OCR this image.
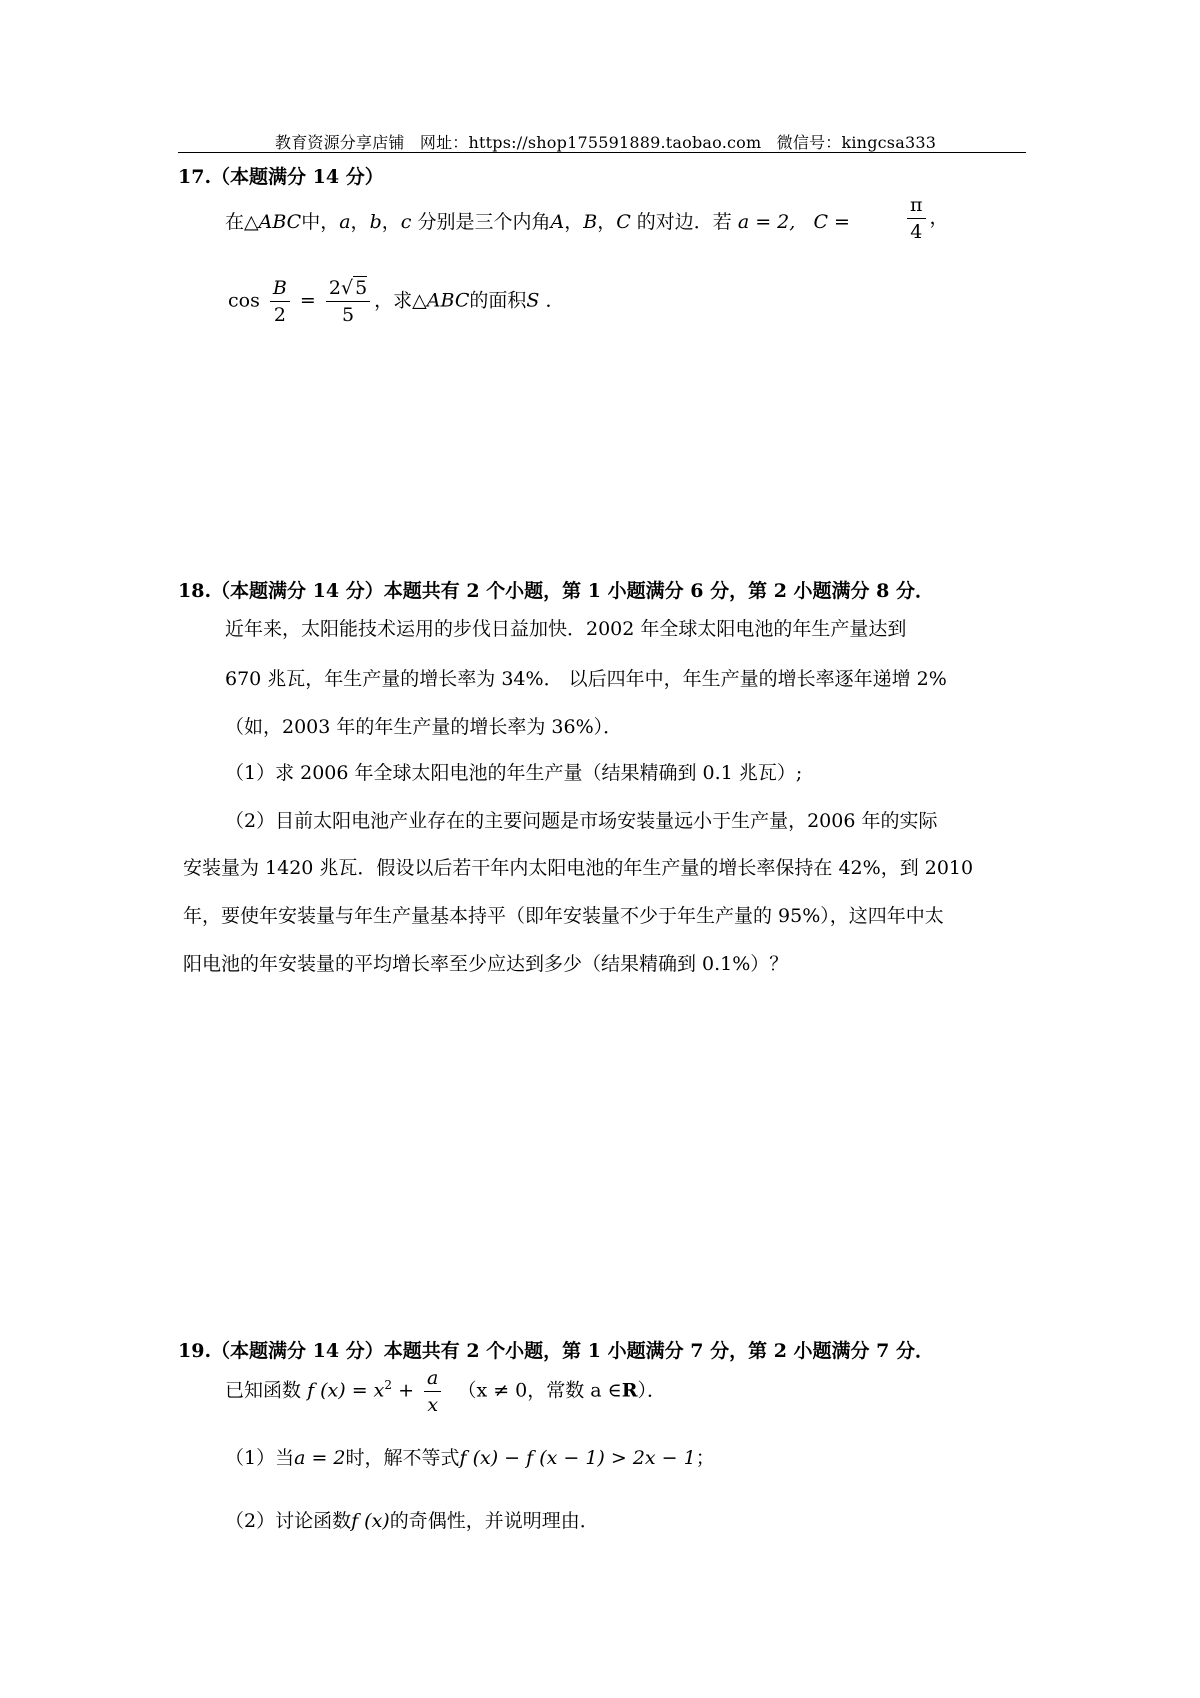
教育资源分享店铺 网址：https://shop175591889.taobao.com 微信号：kingcsa333
17.（本题满分 14 分）
在△ABC中，a，b，c 分别是三个内角A，B，C 的对边．若 a = 2, C =	$\frac{\pi}{4}$ ，
$\cos \frac{B}{2} = \frac{2√ 5}{5}$ ，求△ABC的面积S ．
18.（本题满分 14 分）本题共有 2 个小题，第 1 小题满分 6 分，第 2 小题满分 8 分．
近年来，太阳能技术运用的步伐日益加快．2002 年全球太阳电池的年生产量达到
670 兆瓦，年生产量的增长率为 34%． 以后四年中，年生产量的增长率逐年递增 2%
（如，2003 年的年生产量的增长率为 36%）．
（1）求 2006 年全球太阳电池的年生产量（结果精确到 0.1 兆瓦）;
（2）目前太阳电池产业存在的主要问题是市场安装量远小于生产量，2006 年的实际
安装量为 1420 兆瓦．假设以后若干年内太阳电池的年生产量的增长率保持在 42%，到 2010
年，要使年安装量与年生产量基本持平（即年安装量不少于年生产量的 95%），这四年中太
阳电池的年安装量的平均增长率至少应达到多少（结果精确到 0.1%）？
19.（本题满分 14 分）本题共有 2 个小题，第 1 小题满分 7 分，第 2 小题满分 7 分．
已知函数 f $(x) = x^2 + \frac{a}{x} (x \ne 0$，常数 a ∈R）．
（1）当a = 2时，解不等式f (x) − f (x − 1) > 2x − 1；
（2）讨论函数f (x)的奇偶性，并说明理由．
